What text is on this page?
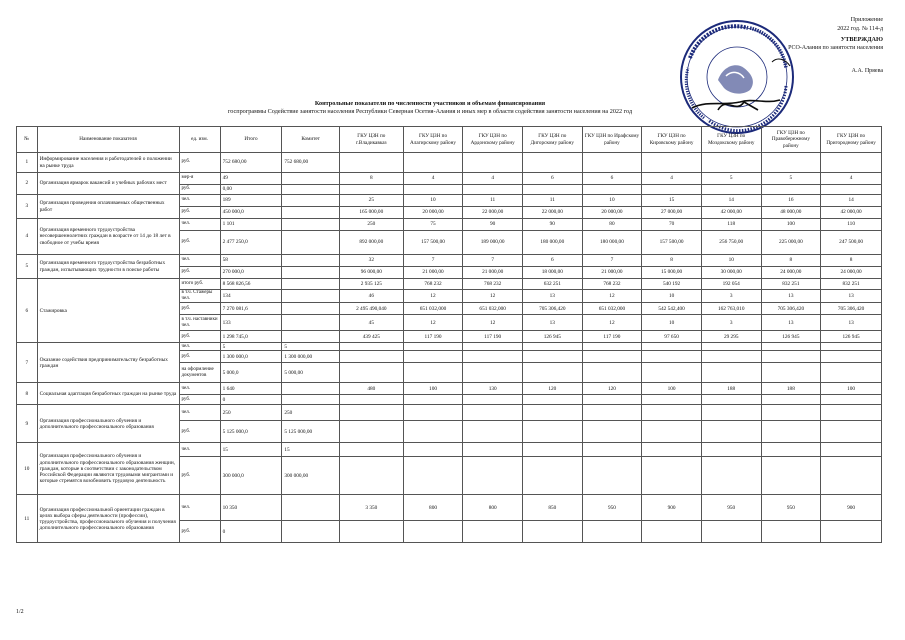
Приложение
2022 год. № 114-д
УТВЕРЖДАЮ
РСО-Алания по занятости населения
А.А. Пряева
Контрольные показатели по численности участников и объемам финансирования
госпрограммы Содействие занятости населения Республики Северная Осетия-Алания и иных мер в области содействия занятости населения на 2022 год
№	Наименование показателя	ед. изм.	Итого	Комитет	ГКУ ЦЗН по г.Владикавказ	ГКУ ЦЗН по Алагирскому району	ГКУ ЦЗН по Ардонскому району	ГКУ ЦЗН по Дигорскому району	ГКУ ЦЗН по Ирафскому району	ГКУ ЦЗН по Кировскому району	ГКУ ЦЗН по Моздокскому району	ГКУ ЦЗН по Правобережному району	ГКУ ЦЗН по Пригородному району
1	Информирование населения и работодателей о положении на рынке труда	руб.	752 680,00	752 680,00									
2	Организация ярмарок вакансий и учебных рабочих мест	мер-я	49		8	4	4	6	6	4	5	5	4
		руб.	0,00										
3	Организация проведения оплачиваемых общественных работ	чел.	189		25	10	11	11	10	15	14	16	14
		руб.	450 000,0		165 000,00	20 000,00	22 000,00	22 000,00	20 000,00	27 000,00	42 000,00	48 000,00	42 000,00
4	Организация временного трудоустройства несовершеннолетних граждан в возрасте от 14 до 18 лет в свободное от учебы время	чел.	1 101		250	75	90	90	80	70	118	100	110
		руб.	2 477 250,0		892 000,00	157 500,00	189 000,00	180 000,00	180 000,00	157 500,00	256 750,00	225 000,00	247 500,00
5	Организация временного трудоустройства безработных граждан, испытывающих трудности в поиске работы	чел.	58		32	7	7	6	7	8	10	8	8
		руб.	270 000,0		96 000,00	21 000,00	21 000,00	18 000,00	21 000,00	15 000,00	30 000,00	24 000,00	24 000,00
6	Стажировка	итого руб.	8 568 826,56		2 935 125	768 232	768 232	632 251	768 232	540 192	192 054	832 251	832 251
		в т.ч. Стажеры чел.	134		46	12	12	13	12	10	3	13	13
		руб.	7 270 081,6		2 495 490,040	651 032,000	651 032,000	705 306,420	651 032,000	542 542,400	162 763,010	705 306,420	705 306,420
		в т.ч. наставники чел.	133		45	12	12	13	12	10	3	13	13
		руб.	1 298 745,0		439 425	117 190	117 190	126 945	117 190	97 650	29 295	126 945	126 945
7	Оказание содействия предпринимательству безработных граждан	чел.	5	5									
		руб.	1 300 000,0	1 300 000,00									
		на оформление документов	5 000,0	5 000,00									
8	Социальная адаптация безработных граждан на рынке труда	чел.	1 640		480	100	130	120	120	100	188	188	100
		руб.	0										
9	Организация профессионального обучения и дополнительного профессионального образования	чел.	250	250									
		руб.	5 125 000,0	5 125 000,00									
10	Организация профессионального обучения и дополнительного профессионального образования женщин, граждан, которые в соответствии с законодательством Российской Федерации являются трудовыми мигрантами и которые стремятся возобновить трудовую деятельность	чел.	15	15									
		руб.	300 000,0	300 000,00									
11	Организация профессиональной ориентации граждан в целях выбора сферы деятельности (профессии), трудоустройства, профессионального обучения и получения дополнительного профессионального образования	чел.	10 350		3 350	800	800	850	950	900	950	950	900
		руб.	0										
1/2
